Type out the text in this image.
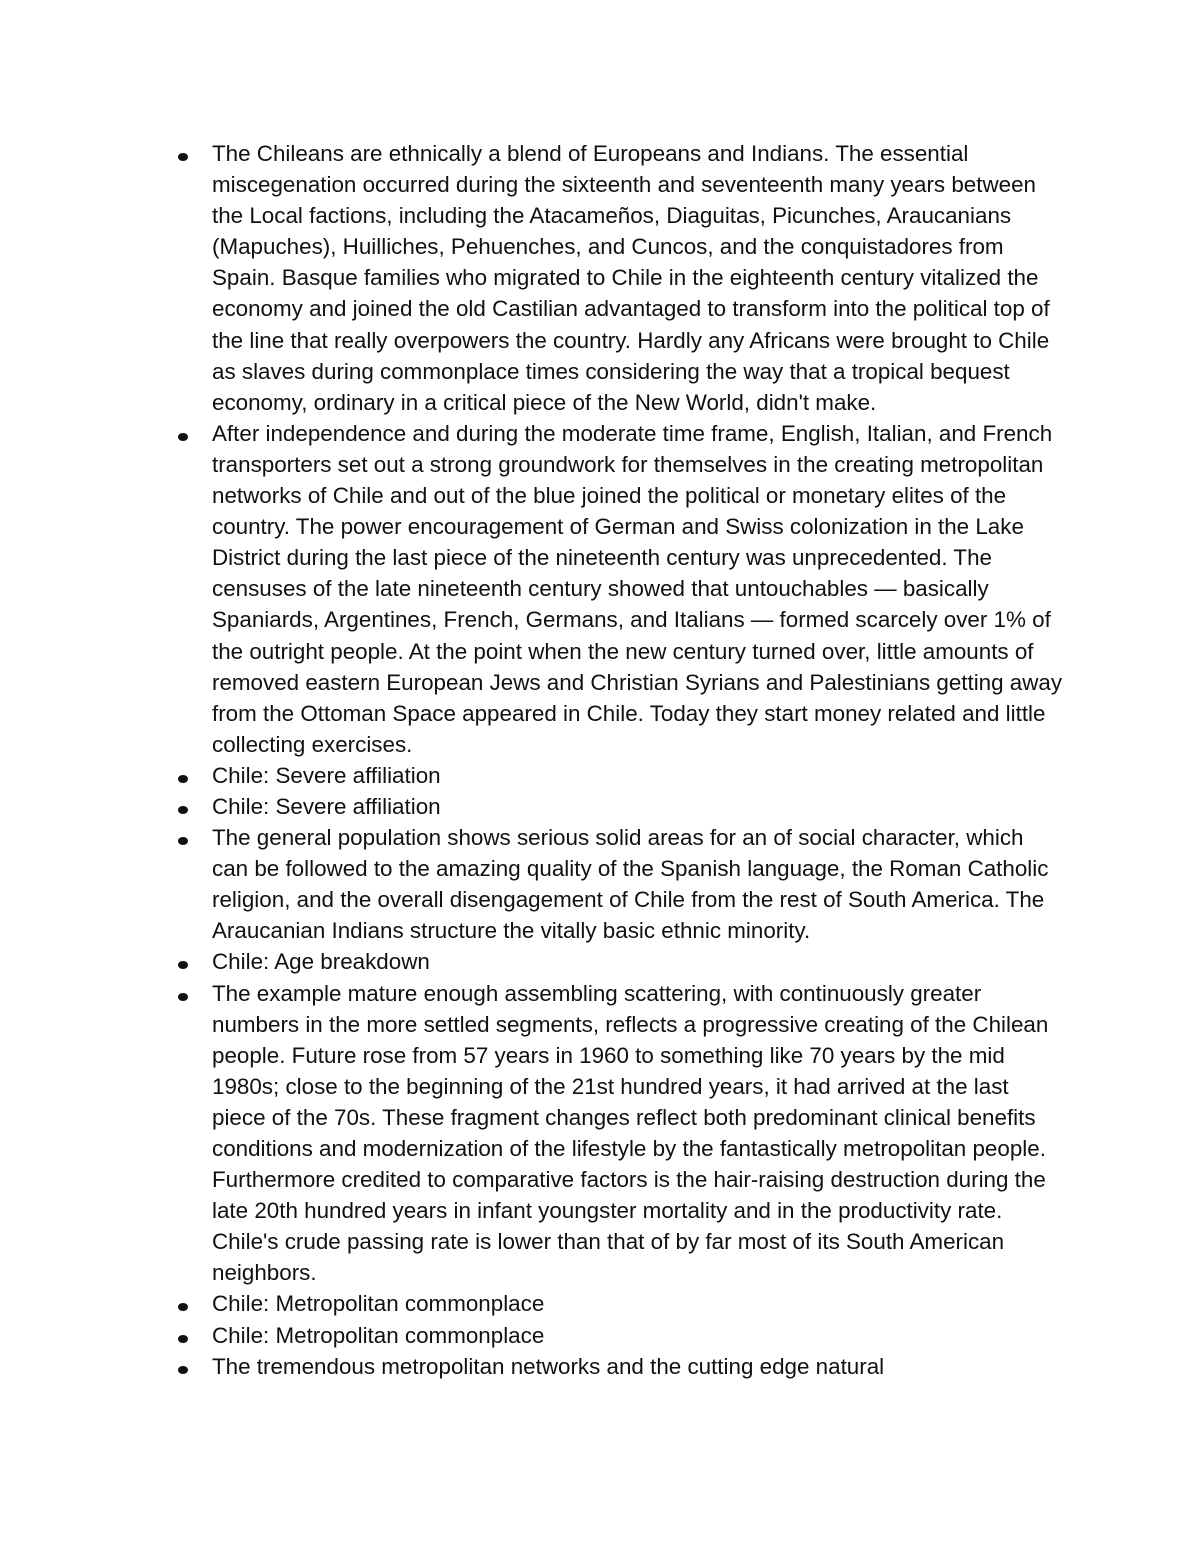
The Chileans are ethnically a blend of Europeans and Indians. The essential miscegenation occurred during the sixteenth and seventeenth many years between the Local factions, including the Atacameños, Diaguitas, Picunches, Araucanians (Mapuches), Huilliches, Pehuenches, and Cuncos, and the conquistadores from Spain. Basque families who migrated to Chile in the eighteenth century vitalized the economy and joined the old Castilian advantaged to transform into the political top of the line that really overpowers the country. Hardly any Africans were brought to Chile as slaves during commonplace times considering the way that a tropical bequest economy, ordinary in a critical piece of the New World, didn't make.
After independence and during the moderate time frame, English, Italian, and French transporters set out a strong groundwork for themselves in the creating metropolitan networks of Chile and out of the blue joined the political or monetary elites of the country. The power encouragement of German and Swiss colonization in the Lake District during the last piece of the nineteenth century was unprecedented. The censuses of the late nineteenth century showed that untouchables — basically Spaniards, Argentines, French, Germans, and Italians — formed scarcely over 1% of the outright people. At the point when the new century turned over, little amounts of removed eastern European Jews and Christian Syrians and Palestinians getting away from the Ottoman Space appeared in Chile. Today they start money related and little collecting exercises.
Chile: Severe affiliation
Chile: Severe affiliation
The general population shows serious solid areas for an of social character, which can be followed to the amazing quality of the Spanish language, the Roman Catholic religion, and the overall disengagement of Chile from the rest of South America. The Araucanian Indians structure the vitally basic ethnic minority.
Chile: Age breakdown
The example mature enough assembling scattering, with continuously greater numbers in the more settled segments, reflects a progressive creating of the Chilean people. Future rose from 57 years in 1960 to something like 70 years by the mid 1980s; close to the beginning of the 21st hundred years, it had arrived at the last piece of the 70s. These fragment changes reflect both predominant clinical benefits conditions and modernization of the lifestyle by the fantastically metropolitan people. Furthermore credited to comparative factors is the hair-raising destruction during the late 20th hundred years in infant youngster mortality and in the productivity rate. Chile's crude passing rate is lower than that of by far most of its South American neighbors.
Chile: Metropolitan commonplace
Chile: Metropolitan commonplace
The tremendous metropolitan networks and the cutting edge natural
